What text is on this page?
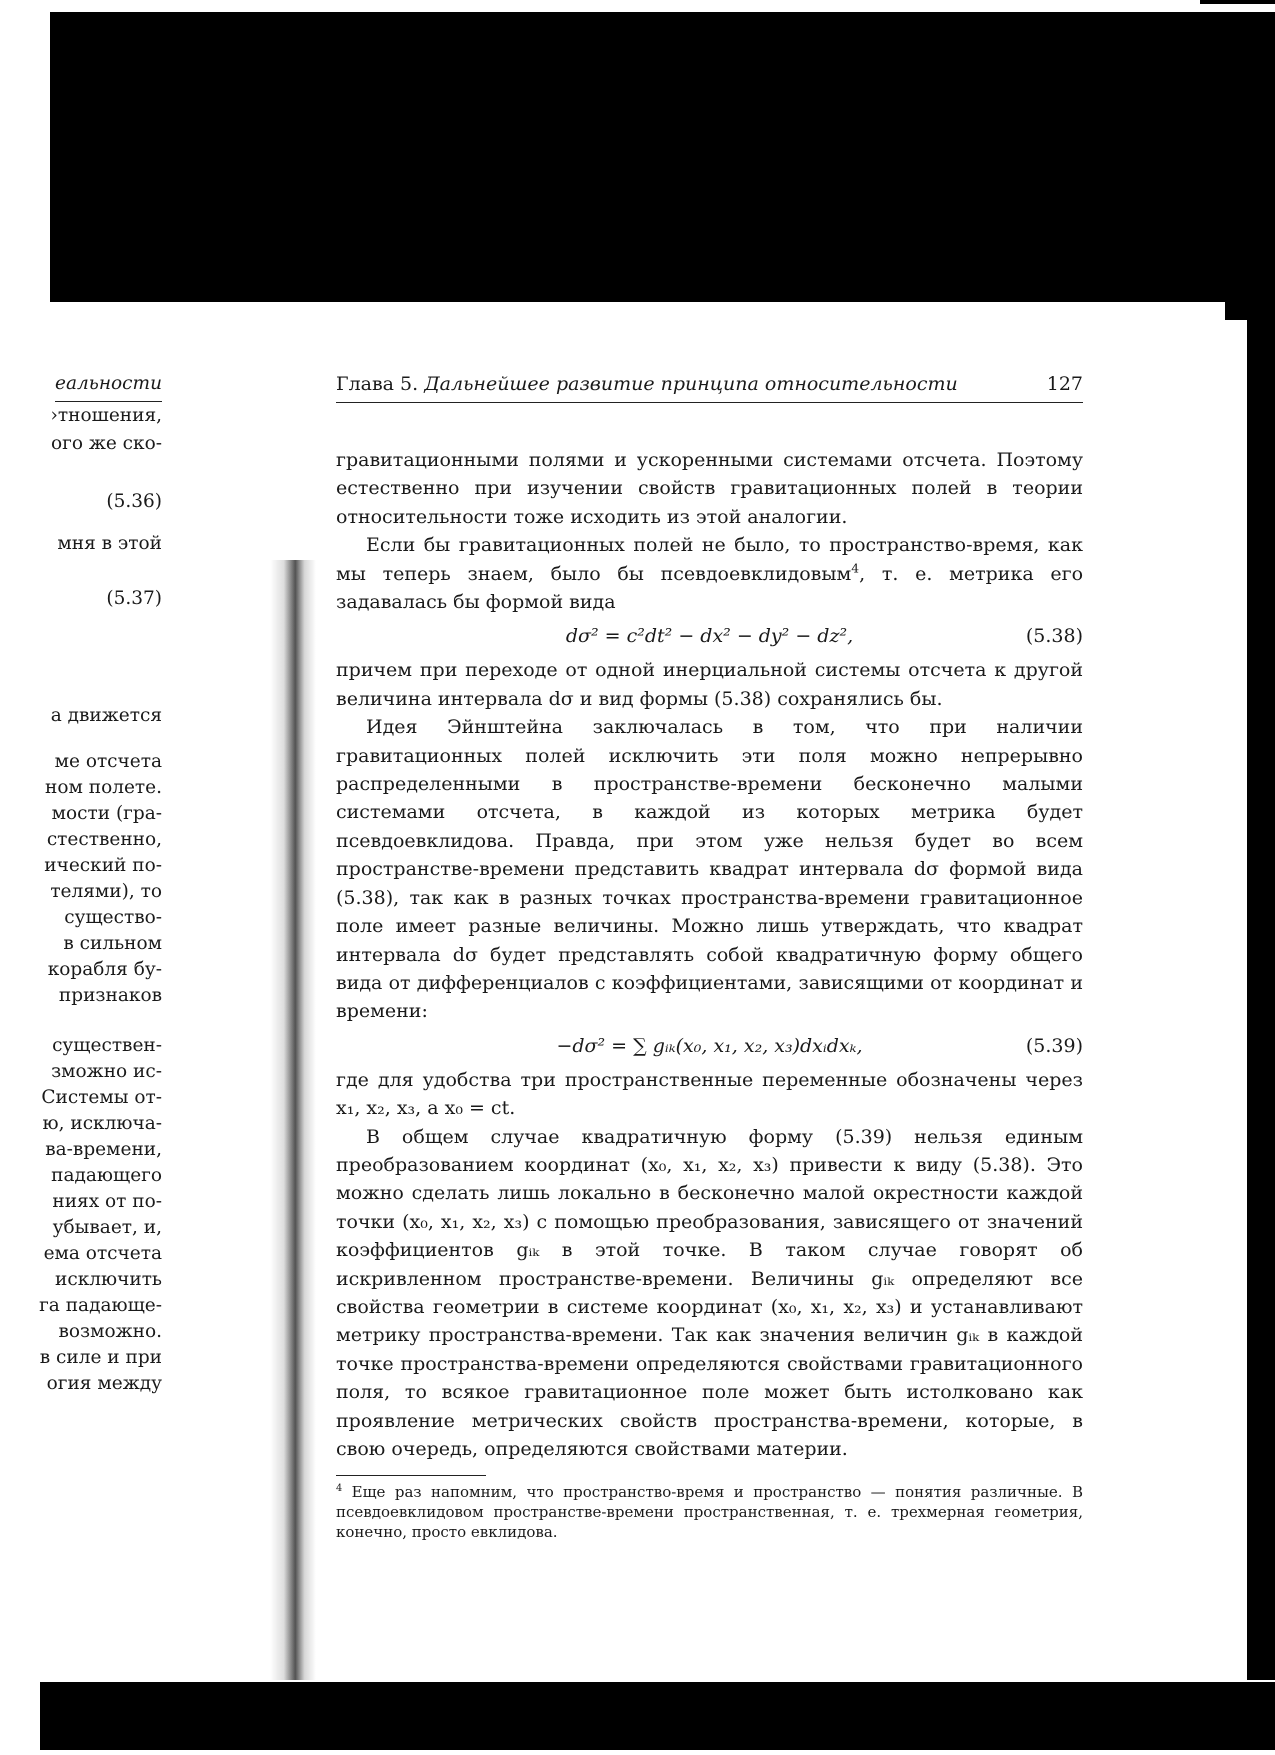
еальности
›тношения,
ого же ско-
(5.36)
мня в этой
(5.37)
а движется
ме отсчета
ном полете.
мости (гра-
стественно,
ический по-
телями), то
существо-
в сильном
корабля бу-
признаков
существен-
зможно ис-
Системы от-
ю, исключа-
ва-времени,
падающего
ниях от по-
убывает, и,
ема отсчета
исключить
га падающе-
возможно.
в силе и при
огия между
Глава 5. Дальнейшее развитие принципа относительности	127

гравитационными полями и ускоренными системами отсчета. Поэтому естественно при изучении свойств гравитационных полей в теории относительности тоже исходить из этой аналогии.

Если бы гравитационных полей не было, то пространство-время, как мы теперь знаем, было бы псевдоевклидовым$^4$, т. е. метрика его задавалась бы формой вида

dσ² = c²dt² − dx² − dy² − dz²,	(5.38)

причем при переходе от одной инерциальной системы отсчета к другой величина интервала dσ и вид формы (5.38) сохранялись бы.

Идея Эйнштейна заключалась в том, что при наличии гравитационных полей исключить эти поля можно непрерывно распределенными в пространстве-времени бесконечно малыми системами отсчета, в каждой из которых метрика будет псевдоевклидова. Правда, при этом уже нельзя будет во всем пространстве-времени представить квадрат интервала dσ формой вида (5.38), так как в разных точках пространства-времени гравитационное поле имеет разные величины. Можно лишь утверждать, что квадрат интервала dσ будет представлять собой квадратичную форму общего вида от дифференциалов с коэффициентами, зависящими от координат и времени:

−dσ² = ∑ gᵢₖ(x₀, x₁, x₂, x₃)dxᵢdxₖ,	(5.39)

где для удобства три пространственные переменные обозначены через x₁, x₂, x₃, а x₀ = ct.

В общем случае квадратичную форму (5.39) нельзя единым преобразованием координат (x₀, x₁, x₂, x₃) привести к виду (5.38). Это можно сделать лишь локально в бесконечно малой окрестности каждой точки (x₀, x₁, x₂, x₃) с помощью преобразования, зависящего от значений коэффициентов gᵢₖ в этой точке. В таком случае говорят об искривленном пространстве-времени. Величины gᵢₖ определяют все свойства геометрии в системе координат (x₀, x₁, x₂, x₃) и устанавливают метрику пространства-времени. Так как значения величин gᵢₖ в каждой точке пространства-времени определяются свойствами гравитационного поля, то всякое гравитационное поле может быть истолковано как проявление метрических свойств пространства-времени, которые, в свою очередь, определяются свойствами материи.

$^4$ Еще раз напомним, что пространство-время и пространство — понятия различные. В псевдоевклидовом пространстве-времени пространственная, т. е. трехмерная геометрия, конечно, просто евклидова.
